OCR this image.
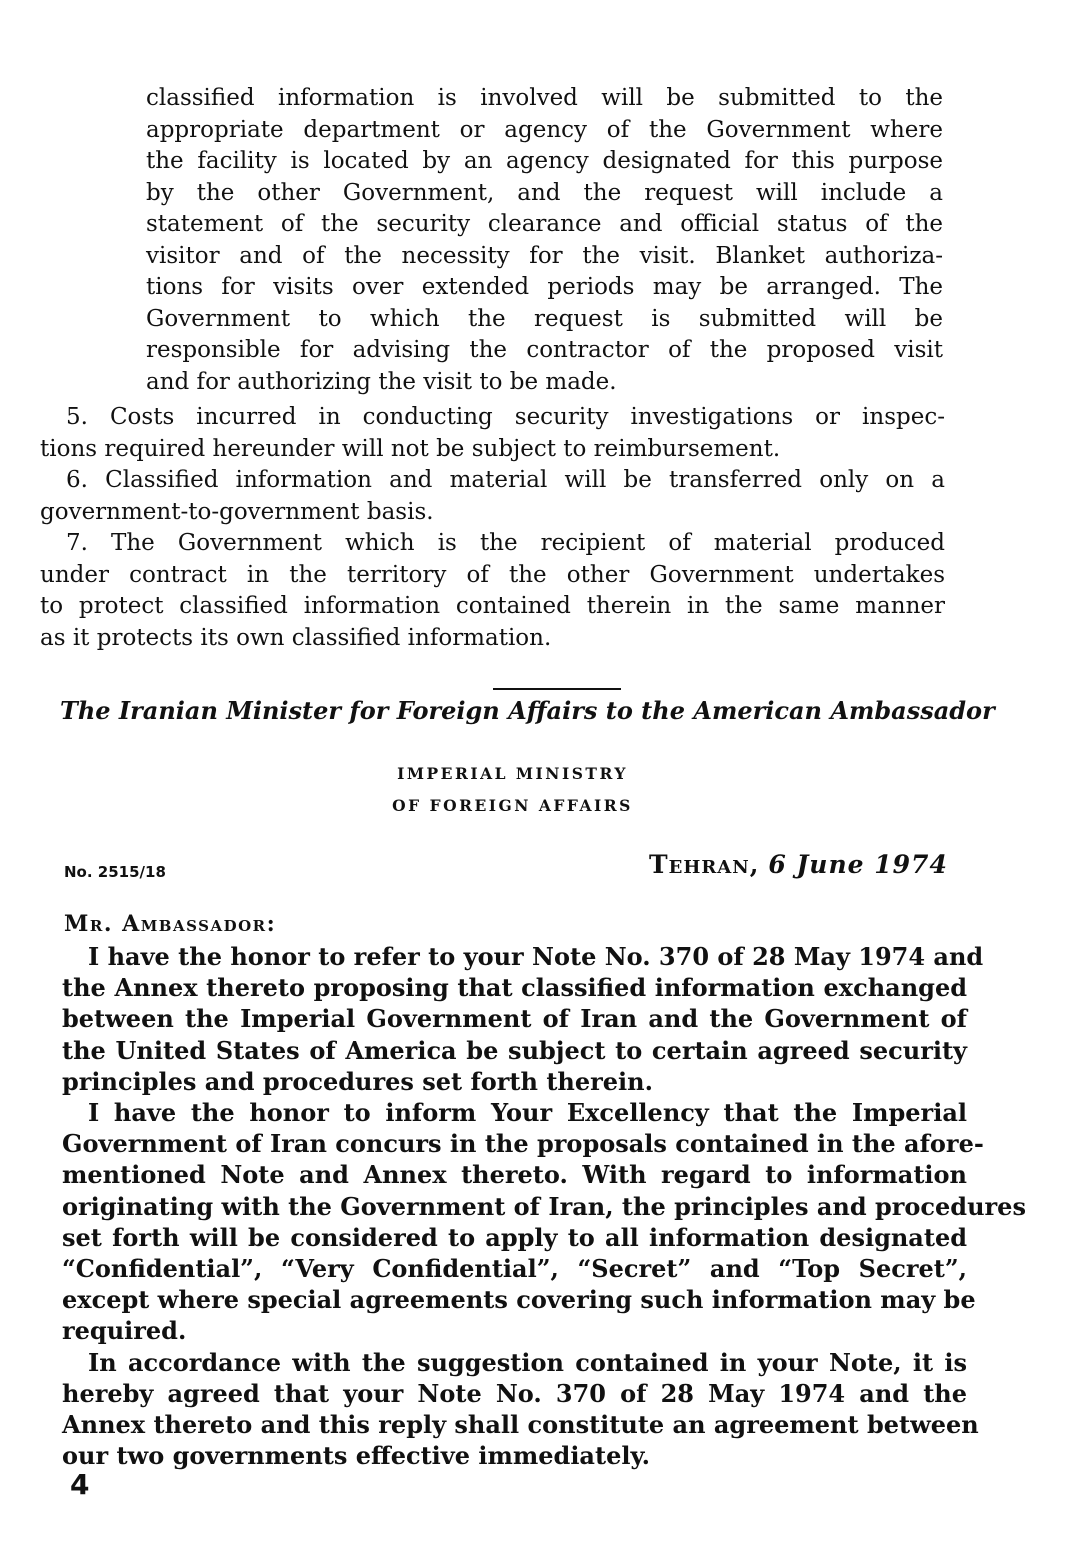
classified information is involved will be submitted to the

appropriate department or agency of the Government where

the facility is located by an agency designated for this purpose

by the other Government, and the request will include a

statement of the security clearance and official status of the

visitor and of the necessity for the visit. Blanket authoriza-

tions for visits over extended periods may be arranged. The

Government to which the request is submitted will be

responsible for advising the contractor of the proposed visit

and for authorizing the visit to be made.

5. Costs incurred in conducting security investigations or inspec-

tions required hereunder will not be subject to reimbursement.

6. Classified information and material will be transferred only on a

government-to-government basis.

7. The Government which is the recipient of material produced

under contract in the territory of the other Government undertakes

to protect classified information contained therein in the same manner

as it protects its own classified information.

The Iranian Minister for Foreign Affairs to the American Ambassador
IMPERIAL MINISTRY
OF FOREIGN AFFAIRS
No. 2515/18	Tehran, 6 June 1974
Mr. Ambassador:

I have the honor to refer to your Note No. 370 of 28 May 1974 and

the Annex thereto proposing that classified information exchanged

between the Imperial Government of Iran and the Government of

the United States of America be subject to certain agreed security

principles and procedures set forth therein.

I have the honor to inform Your Excellency that the Imperial

Government of Iran concurs in the proposals contained in the afore-

mentioned Note and Annex thereto. With regard to information

originating with the Government of Iran, the principles and procedures

set forth will be considered to apply to all information designated

“Confidential”, “Very Confidential”, “Secret” and “Top Secret”,

except where special agreements covering such information may be

required.

In accordance with the suggestion contained in your Note, it is

hereby agreed that your Note No. 370 of 28 May 1974 and the

Annex thereto and this reply shall constitute an agreement between

our two governments effective immediately.

4
